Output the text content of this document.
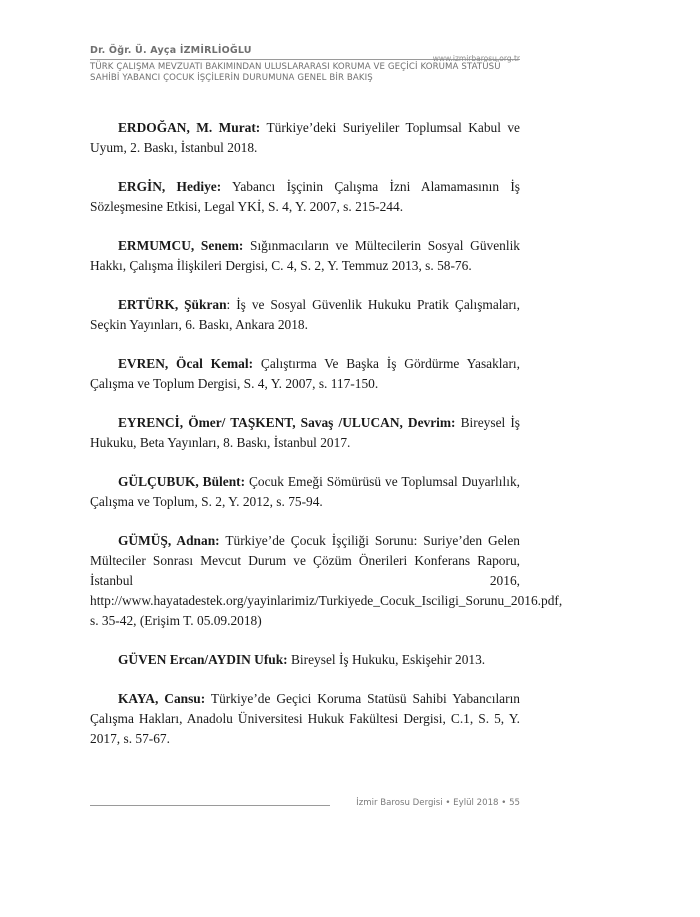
Dr. Öğr. Ü. Ayça İZMİRLİOĞLU
www.izmirbarosu.org.tr
TÜRK ÇALIŞMA MEVZUATI BAKIMINDAN ULUSLARARASI KORUMA VE GEÇİCİ KORUMA STATÜSÜ SAHİBİ YABANCI ÇOCUK İŞÇİLERİN DURUMUNA GENEL BİR BAKIŞ

ERDOĞAN, M. Murat: Türkiye’deki Suriyeliler Toplumsal Kabul ve Uyum, 2. Baskı, İstanbul 2018.

ERGİN, Hediye: Yabancı İşçinin Çalışma İzni Alamamasının İş Sözleşmesine Etkisi, Legal YKİ, S. 4, Y. 2007, s. 215-244.

ERMUMCU, Senem: Sığınmacıların ve Mültecilerin Sosyal Güvenlik Hakkı, Çalışma İlişkileri Dergisi, C. 4, S. 2, Y. Temmuz 2013, s. 58-76.

ERTÜRK, Şükran: İş ve Sosyal Güvenlik Hukuku Pratik Çalışmaları, Seçkin Yayınları, 6. Baskı, Ankara 2018.

EVREN, Öcal Kemal: Çalıştırma Ve Başka İş Gördürme Yasakları, Çalışma ve Toplum Dergisi, S. 4, Y. 2007, s. 117-150.

EYRENCİ, Ömer/ TAŞKENT, Savaş /ULUCAN, Devrim: Bireysel İş Hukuku, Beta Yayınları, 8. Baskı, İstanbul 2017.

GÜLÇUBUK, Bülent: Çocuk Emeği Sömürüsü ve Toplumsal Duyarlılık, Çalışma ve Toplum, S. 2, Y. 2012, s. 75-94.

GÜMÜŞ, Adnan: Türkiye’de Çocuk İşçiliği Sorunu: Suriye’den Gelen Mülteciler Sonrası Mevcut Durum ve Çözüm Önerileri Konferans Raporu, İstanbul 2016, http://www.hayatadestek.org/yayinlarimiz/Turkiyede_Cocuk_Isciligi_Sorunu_2016.pdf, s. 35-42, (Erişim T. 05.09.2018)

GÜVEN Ercan/AYDIN Ufuk: Bireysel İş Hukuku, Eskişehir 2013.

KAYA, Cansu: Türkiye’de Geçici Koruma Statüsü Sahibi Yabancıların Çalışma Hakları, Anadolu Üniversitesi Hukuk Fakültesi Dergisi, C.1, S. 5, Y. 2017, s. 57-67.

İzmir Barosu Dergisi • Eylül 2018 • 55
